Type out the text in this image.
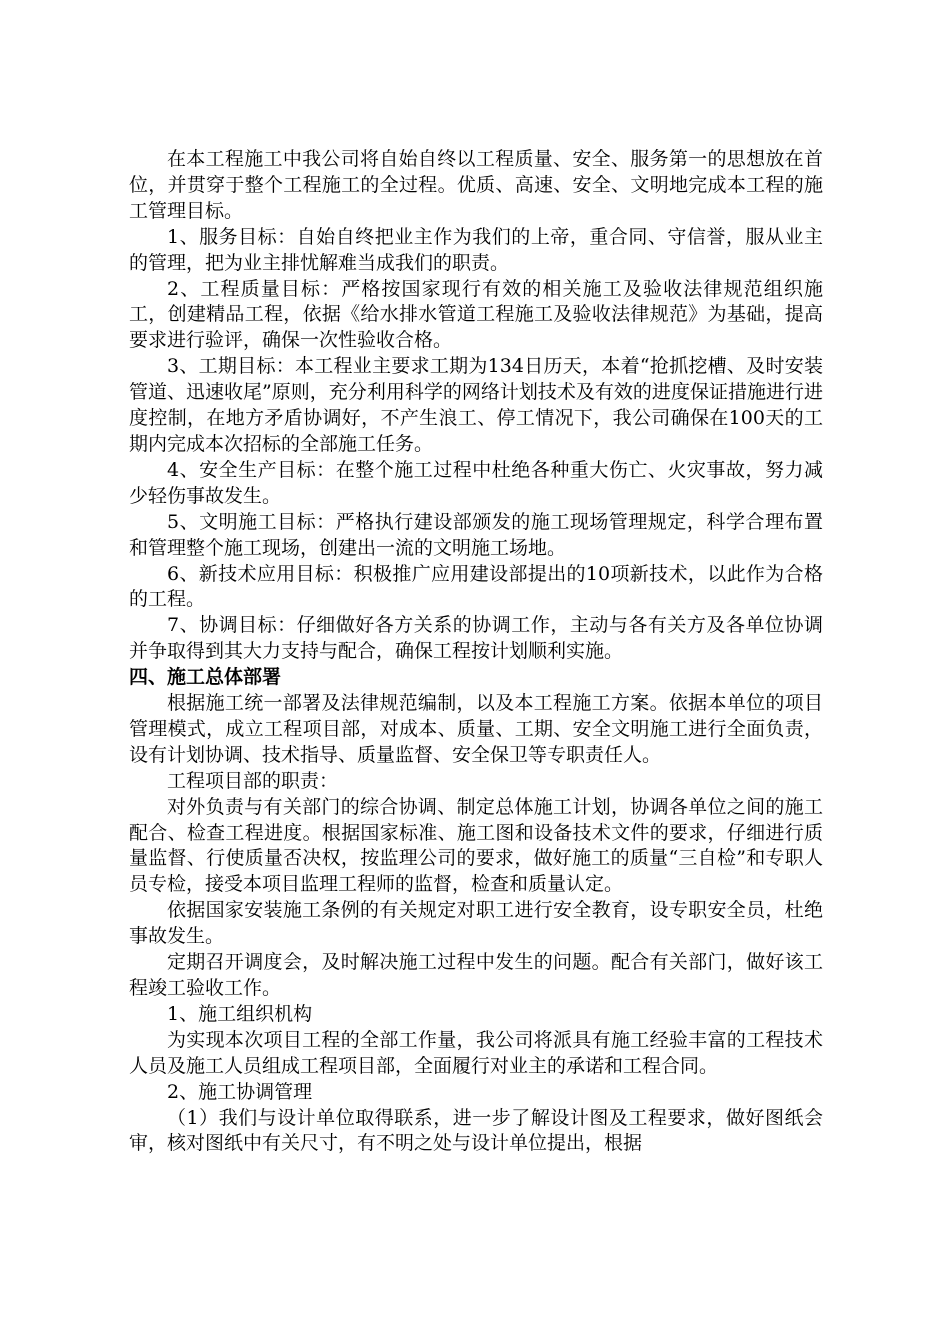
在本工程施工中我公司将自始自终以工程质量、安全、服务第一的思想放在首位，并贯穿于整个工程施工的全过程。优质、高速、安全、文明地完成本工程的施工管理目标。

1、服务目标：自始自终把业主作为我们的上帝，重合同、守信誉，服从业主的管理，把为业主排忧解难当成我们的职责。

2、工程质量目标：严格按国家现行有效的相关施工及验收法律规范组织施工，创建精品工程，依据《给水排水管道工程施工及验收法律规范》为基础，提高要求进行验评，确保一次性验收合格。

3、工期目标：本工程业主要求工期为134日历天，本着“抢抓挖槽、及时安装管道、迅速收尾”原则，充分利用科学的网络计划技术及有效的进度保证措施进行进度控制，在地方矛盾协调好，不产生浪工、停工情况下，我公司确保在100天的工期内完成本次招标的全部施工任务。

4、安全生产目标：在整个施工过程中杜绝各种重大伤亡、火灾事故，努力减少轻伤事故发生。

5、文明施工目标：严格执行建设部颁发的施工现场管理规定，科学合理布置和管理整个施工现场，创建出一流的文明施工场地。

6、新技术应用目标：积极推广应用建设部提出的10项新技术，以此作为合格的工程。

7、协调目标：仔细做好各方关系的协调工作，主动与各有关方及各单位协调并争取得到其大力支持与配合，确保工程按计划顺利实施。

四、施工总体部署

根据施工统一部署及法律规范编制，以及本工程施工方案。依据本单位的项目管理模式，成立工程项目部，对成本、质量、工期、安全文明施工进行全面负责，设有计划协调、技术指导、质量监督、安全保卫等专职责任人。

工程项目部的职责：

对外负责与有关部门的综合协调、制定总体施工计划，协调各单位之间的施工配合、检查工程进度。根据国家标准、施工图和设备技术文件的要求，仔细进行质量监督、行使质量否决权，按监理公司的要求，做好施工的质量“三自检”和专职人员专检，接受本项目监理工程师的监督，检查和质量认定。

依据国家安装施工条例的有关规定对职工进行安全教育，设专职安全员，杜绝事故发生。

定期召开调度会，及时解决施工过程中发生的问题。配合有关部门，做好该工程竣工验收工作。

1、施工组织机构

为实现本次项目工程的全部工作量，我公司将派具有施工经验丰富的工程技术人员及施工人员组成工程项目部，全面履行对业主的承诺和工程合同。

2、施工协调管理

（1）我们与设计单位取得联系，进一步了解设计图及工程要求，做好图纸会审，核对图纸中有关尺寸，有不明之处与设计单位提出，根据
